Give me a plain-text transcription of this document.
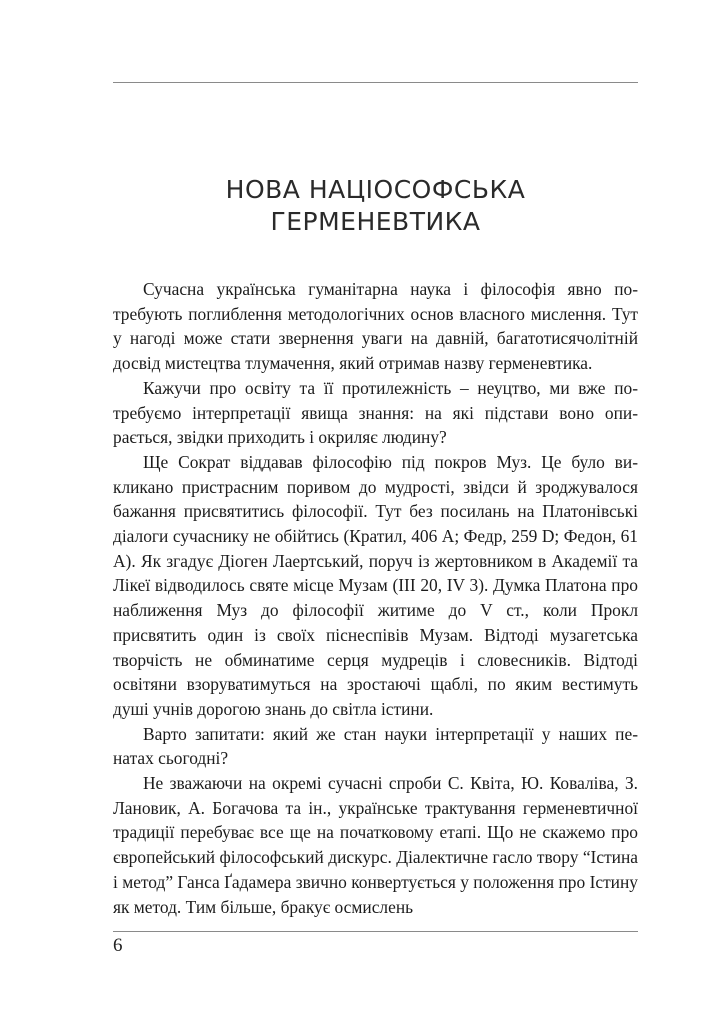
НОВА НАЦІОСОФСЬКА
ГЕРМЕНЕВТИКА

Сучасна українська гуманітарна наука і філософія явно потребують поглиблення методологічних основ власного мислення. Тут у нагоді може стати звернення уваги на давній, багатотисячолітній досвід мистецтва тлумачення, який отримав назву герменевтика.

Кажучи про освіту та її протилежність – неуцтво, ми вже потребуємо інтерпретації явища знання: на які підстави воно опирається, звідки приходить і окриляє людину?

Ще Сократ віддавав філософію під покров Муз. Це було викликано пристрасним поривом до мудрості, звідси й зроджувалося бажання присвятитись філософії. Тут без посилань на Платонівські діалоги сучаснику не обійтись (Кратил, 406 A; Федр, 259 D; Федон, 61 A). Як згадує Діоген Лаертський, поруч із жертовником в Академії та Лікеї відводилось святе місце Музам (III 20, IV 3). Думка Платона про наближення Муз до філософії житиме до V ст., коли Прокл присвятить один із своїх піснеспівів Музам. Відтоді музагетська творчість не обминатиме серця мудреців і словесників. Відтоді освітяни взоруватимуться на зростаючі щаблі, по яким вестимуть душі учнів дорогою знань до світла істини.

Варто запитати: який же стан науки інтерпретації у наших пенатах сьогодні?

Не зважаючи на окремі сучасні спроби С. Квіта, Ю. Коваліва, З. Лановик, А. Богачова та ін., українське трактування герменевтичної традиції перебуває все ще на початковому етапі. Що не скажемо про європейський філософський дискурс. Діалектичне гасло твору “Істина і метод” Ганса Ґадамера звично конвертується у положення про Істину як метод. Тим більше, бракує осмислень

6
